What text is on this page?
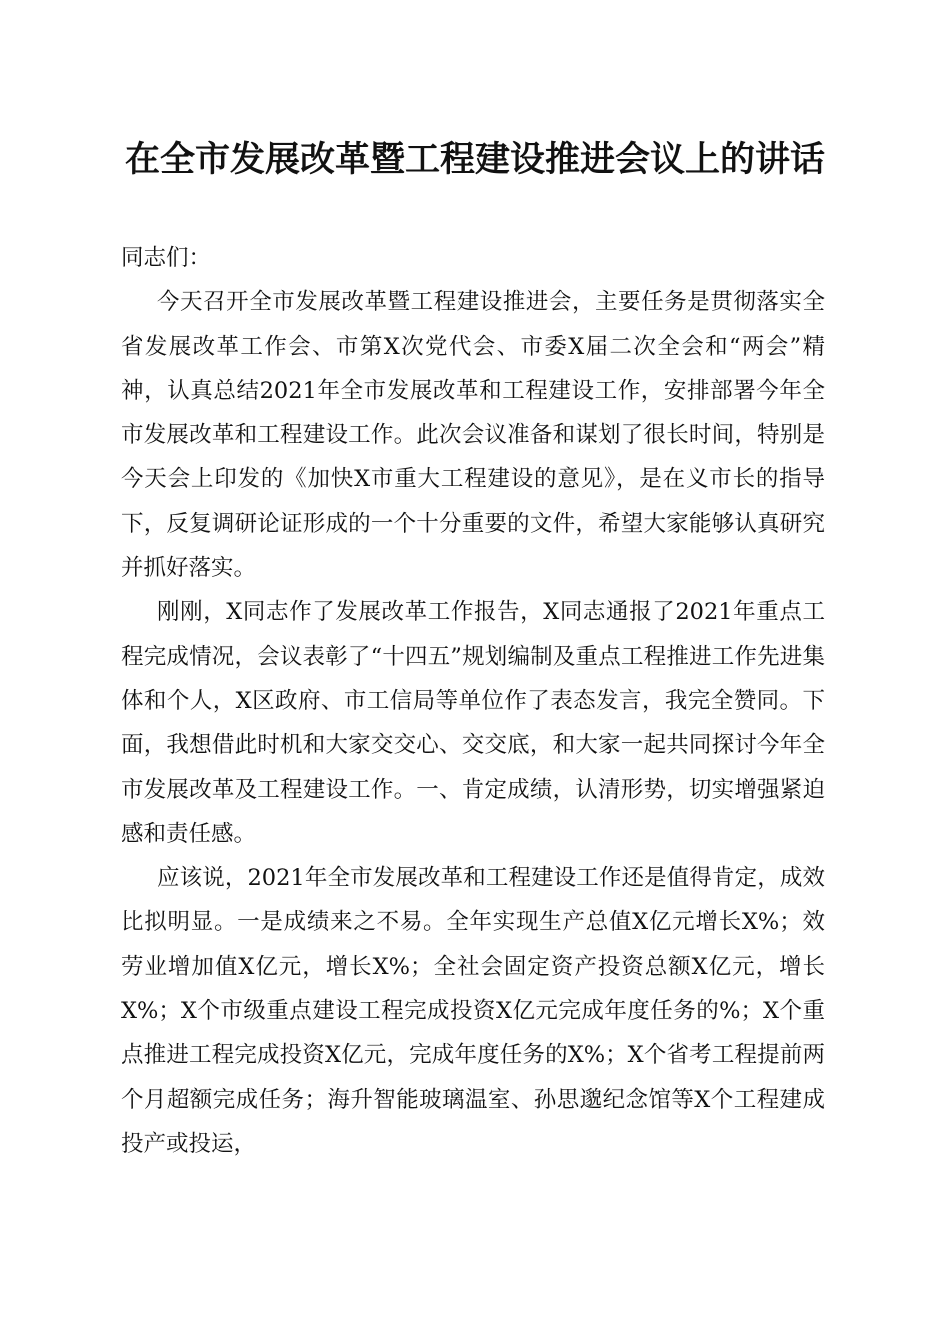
在全市发展改革暨工程建设推进会议上的讲话

同志们：

今天召开全市发展改革暨工程建设推进会，主要任务是贯彻落实全省发展改革工作会、市第X次党代会、市委X届二次全会和“两会”精神，认真总结2021年全市发展改革和工程建设工作，安排部署今年全市发展改革和工程建设工作。此次会议准备和谋划了很长时间，特别是今天会上印发的《加快X市重大工程建设的意见》，是在义市长的指导下，反复调研论证形成的一个十分重要的文件，希望大家能够认真研究并抓好落实。

刚刚，X同志作了发展改革工作报告，X同志通报了2021年重点工程完成情况，会议表彰了“十四五”规划编制及重点工程推进工作先进集体和个人，X区政府、市工信局等单位作了表态发言，我完全赞同。下面，我想借此时机和大家交交心、交交底，和大家一起共同探讨今年全市发展改革及工程建设工作。一、肯定成绩，认清形势，切实增强紧迫感和责任感。

应该说，2021年全市发展改革和工程建设工作还是值得肯定，成效比拟明显。一是成绩来之不易。全年实现生产总值X亿元增长X%；效劳业增加值X亿元，增长X%；全社会固定资产投资总额X亿元，增长X%；X个市级重点建设工程完成投资X亿元完成年度任务的%；X个重点推进工程完成投资X亿元，完成年度任务的X%；X个省考工程提前两个月超额完成任务；海升智能玻璃温室、孙思邈纪念馆等X个工程建成投产或投运，
